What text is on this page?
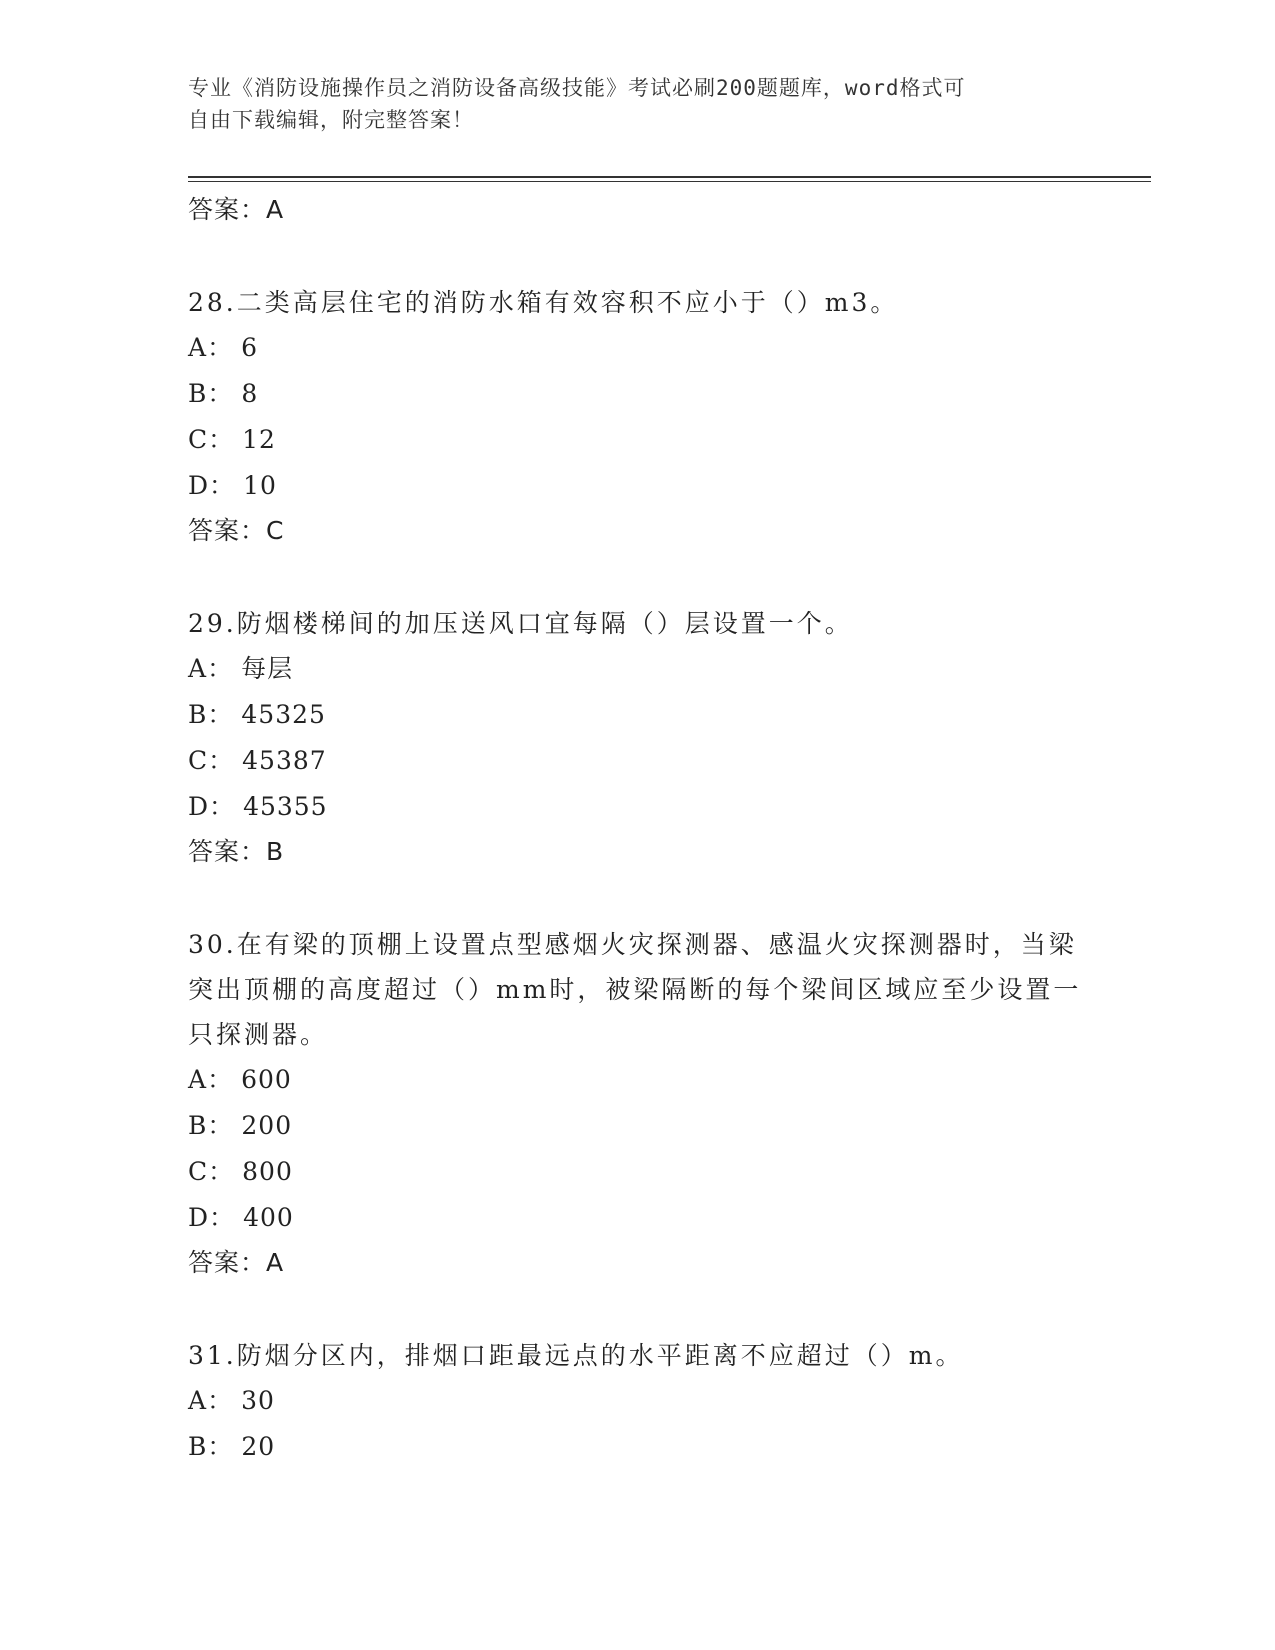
专业《消防设施操作员之消防设备高级技能》考试必刷200题题库，word格式可
自由下载编辑，附完整答案！
答案：A
28.二类高层住宅的消防水箱有效容积不应小于（）m3。
A： 6
B： 8
C： 12
D： 10
答案：C
29.防烟楼梯间的加压送风口宜每隔（）层设置一个。
A： 每层
B： 45325
C： 45387
D： 45355
答案：B
30.在有梁的顶棚上设置点型感烟火灾探测器、感温火灾探测器时，当梁突出顶棚的高度超过（）mm时，被梁隔断的每个梁间区域应至少设置一只探测器。
A： 600
B： 200
C： 800
D： 400
答案：A
31.防烟分区内，排烟口距最远点的水平距离不应超过（）m。
A： 30
B： 20
